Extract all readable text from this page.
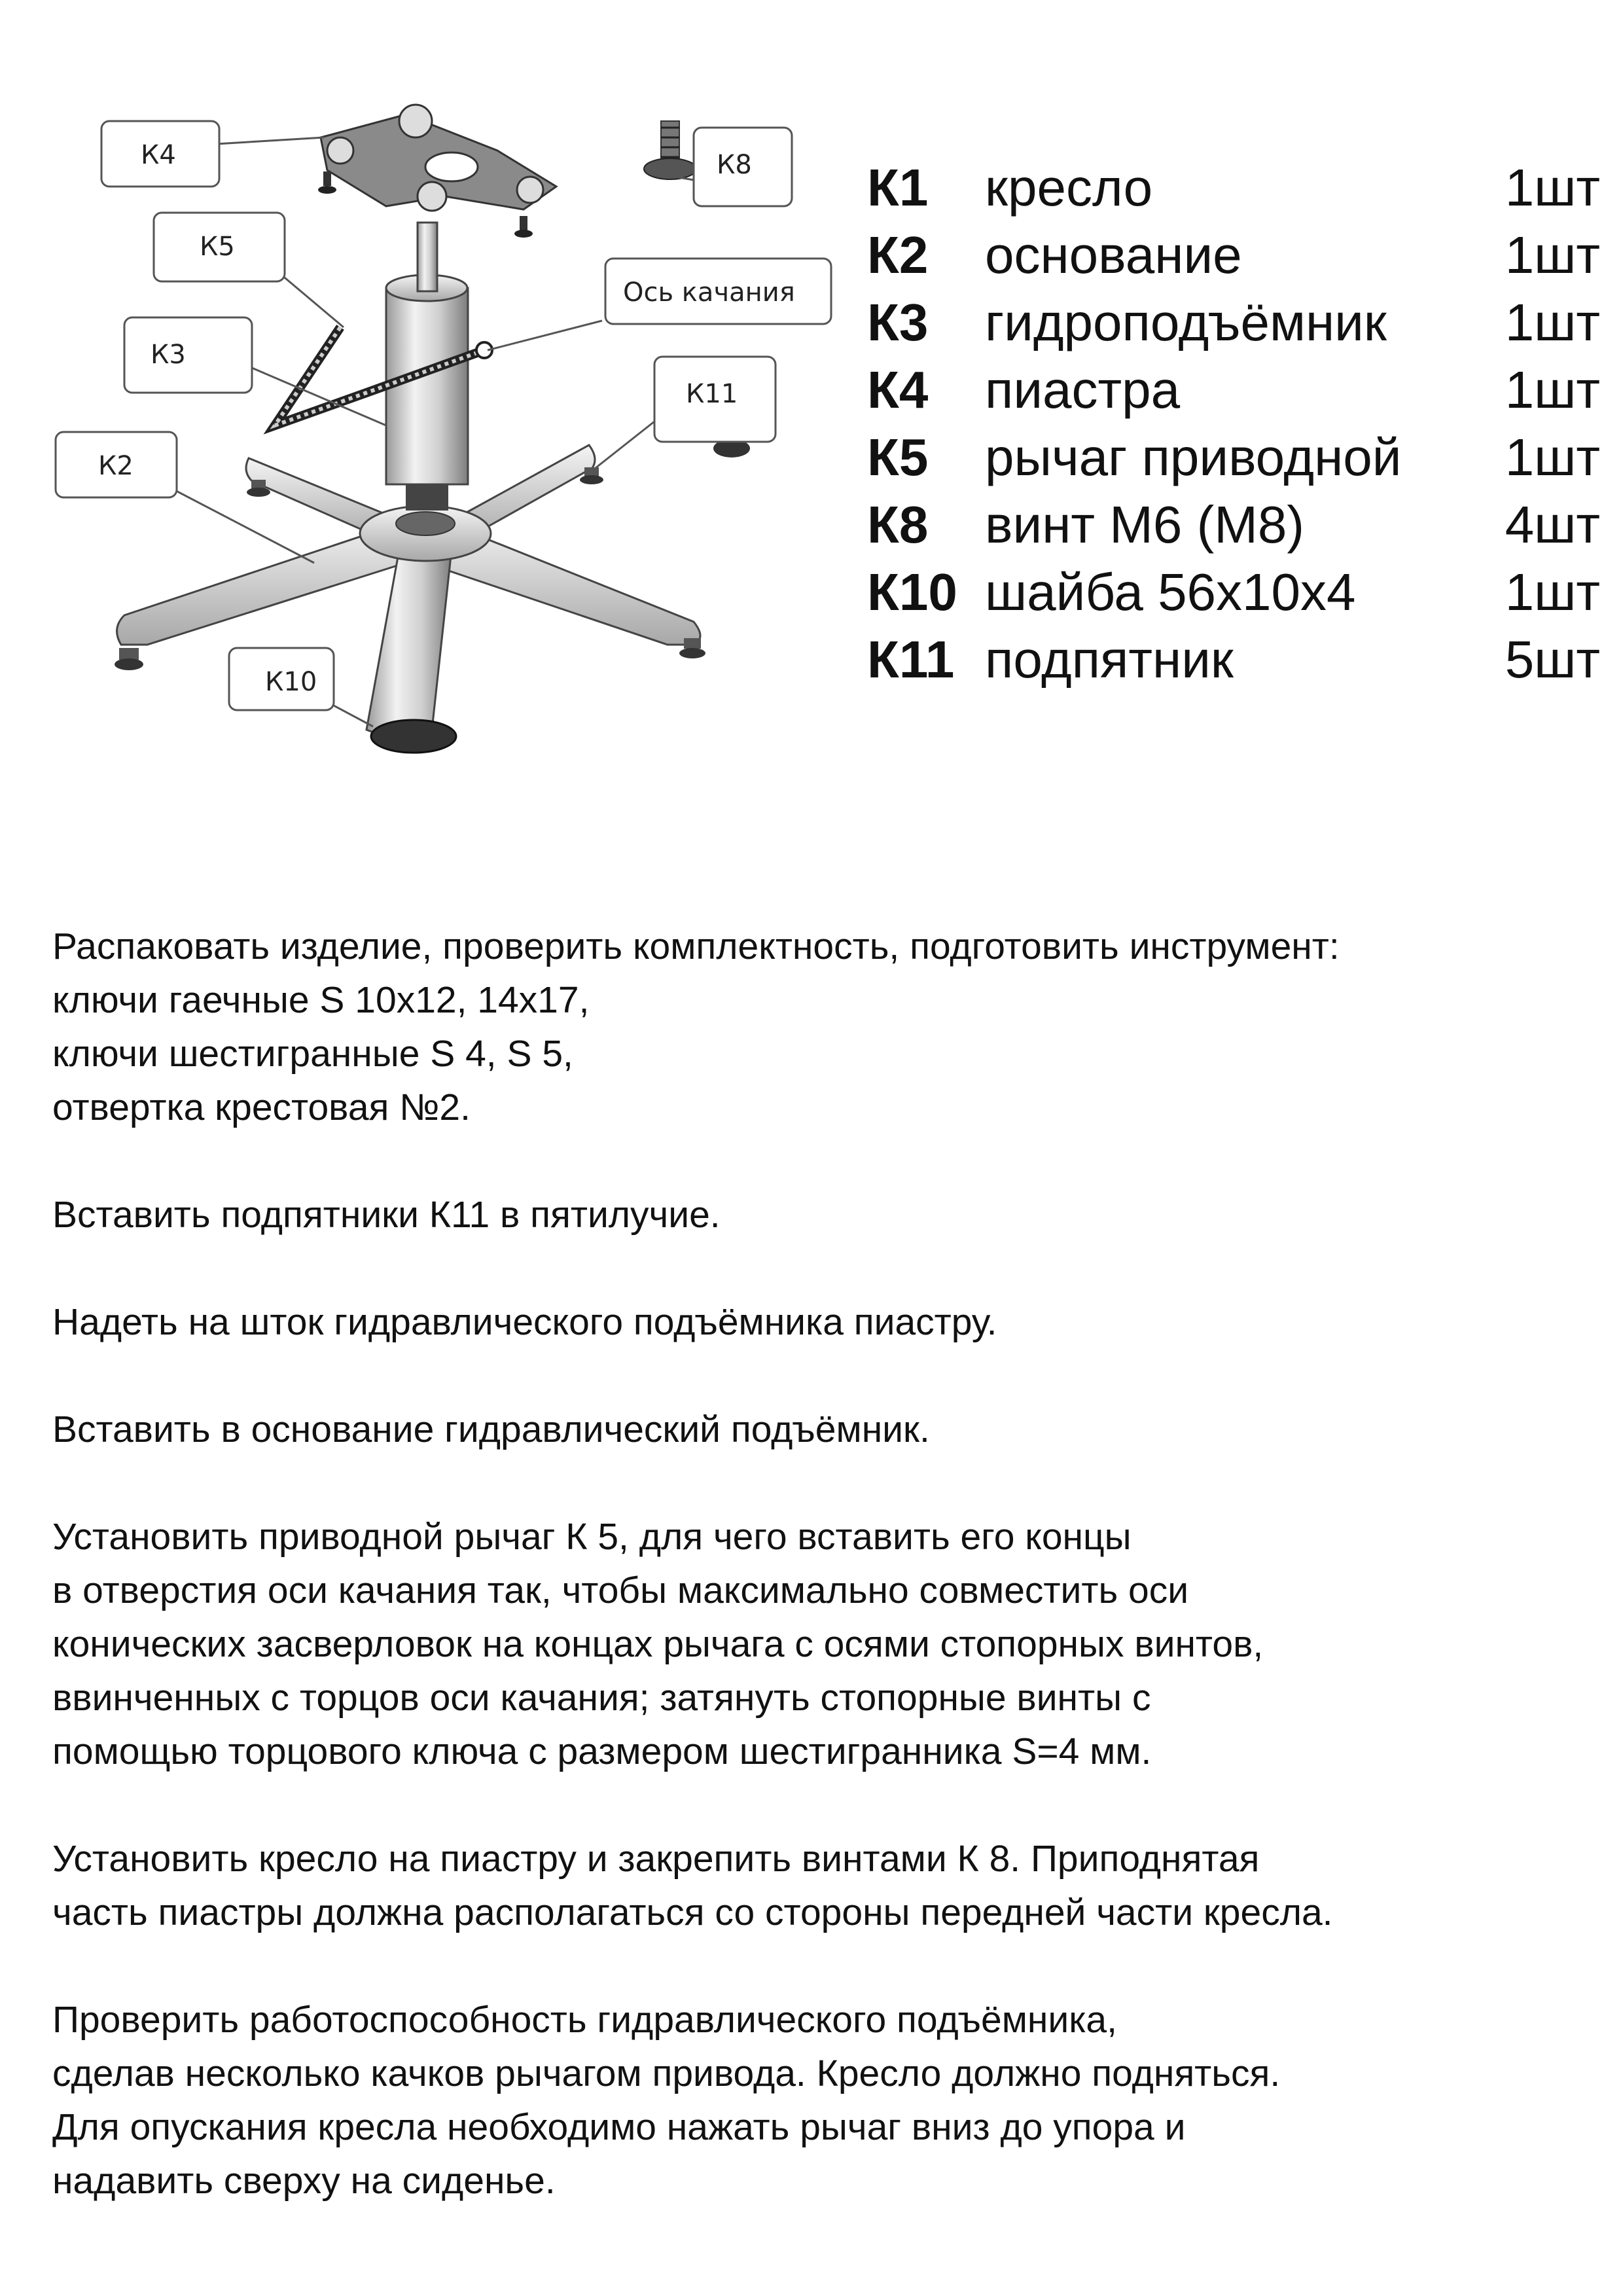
К4	К8
К5
Ось качания
К3
К11
К2
К10
К1 кресло	1шт
К2 основание	1шт
К3 гидроподъёмник 1шт
К4 пиастра	1шт
К5 рычаг приводной 1шт
К8 винт М6 (М8)	4шт
К10 шайба 56х10х4	1шт
К11 подпятник	5шт

Распаковать изделие, проверить комплектность, подготовить инструмент:
ключи гаечные S 10х12, 14х17,
ключи шестигранные S 4, S 5,
отвертка крестовая №2.

Вставить подпятники К11 в пятилучие.

Надеть на шток гидравлического подъёмника пиастру.

Вставить в основание гидравлический подъёмник.

Установить приводной рычаг К 5, для чего вставить его концы
в отверстия оси качания так, чтобы максимально совместить оси
конических засверловок на концах рычага с осями стопорных винтов,
ввинченных с торцов оси качания; затянуть стопорные винты с
помощью торцового ключа с размером шестигранника S=4 мм.

Установить кресло на пиастру и закрепить винтами К 8. Приподнятая
часть пиастры должна располагаться со стороны передней части кресла.

Проверить работоспособность гидравлического подъёмника,
сделав несколько качков рычагом привода. Кресло должно подняться.
Для опускания кресла необходимо нажать рычаг вниз до упора и
надавить сверху на сиденье.
